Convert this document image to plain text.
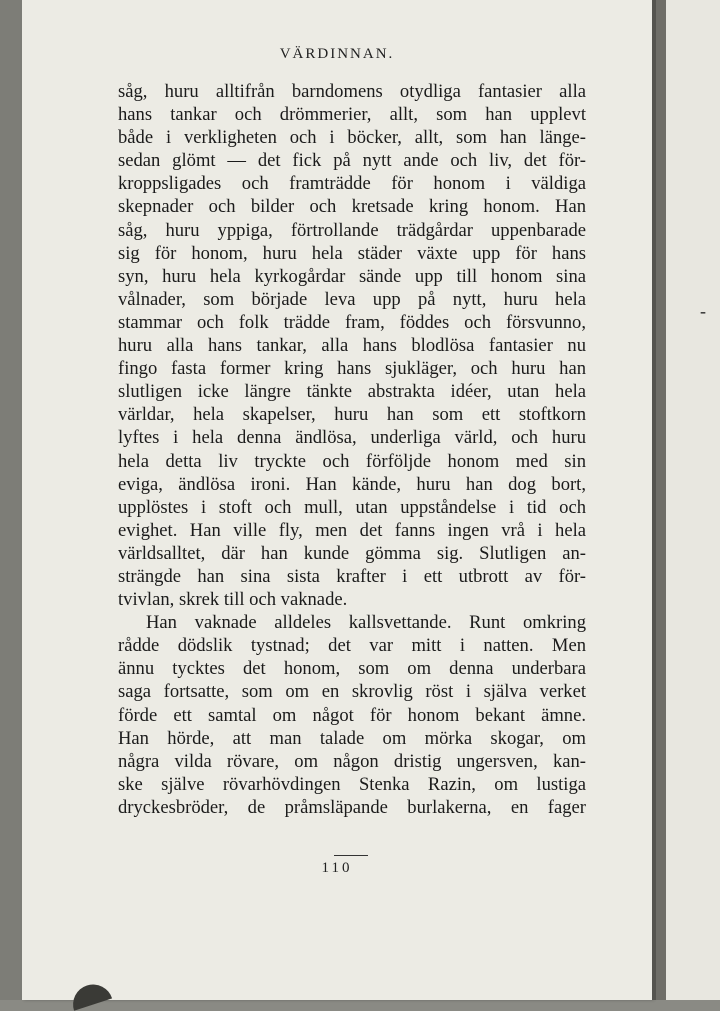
VÄRDINNAN.
såg, huru alltifrån barndomens otydliga fantasier alla
hans tankar och drömmerier, allt, som han upplevt
både i verkligheten och i böcker, allt, som han länge-
sedan glömt — det fick på nytt ande och liv, det för-
kroppsligades och framträdde för honom i väldiga
skepnader och bilder och kretsade kring honom. Han
såg, huru yppiga, förtrollande trädgårdar uppenbarade
sig för honom, huru hela städer växte upp för hans
syn, huru hela kyrkogårdar sände upp till honom sina
vålnader, som började leva upp på nytt, huru hela
stammar och folk trädde fram, föddes och försvunno,
huru alla hans tankar, alla hans blodlösa fantasier nu
fingo fasta former kring hans sjukläger, och huru han
slutligen icke längre tänkte abstrakta idéer, utan hela
världar, hela skapelser, huru han som ett stoftkorn
lyftes i hela denna ändlösa, underliga värld, och huru
hela detta liv tryckte och förföljde honom med sin
eviga, ändlösa ironi. Han kände, huru han dog bort,
upplöstes i stoft och mull, utan uppståndelse i tid och
evighet. Han ville fly, men det fanns ingen vrå i hela
världsalltet, där han kunde gömma sig. Slutligen an-
strängde han sina sista krafter i ett utbrott av för-
tvivlan, skrek till och vaknade.
Han vaknade alldeles kallsvettande. Runt omkring
rådde dödslik tystnad; det var mitt i natten. Men
ännu tycktes det honom, som om denna underbara
saga fortsatte, som om en skrovlig röst i själva verket
förde ett samtal om något för honom bekant ämne.
Han hörde, att man talade om mörka skogar, om
några vilda rövare, om någon dristig ungersven, kan-
ske själve rövarhövdingen Stenka Razin, om lustiga
dryckesbröder, de pråmsläpande burlakerna, en fager
110
-
